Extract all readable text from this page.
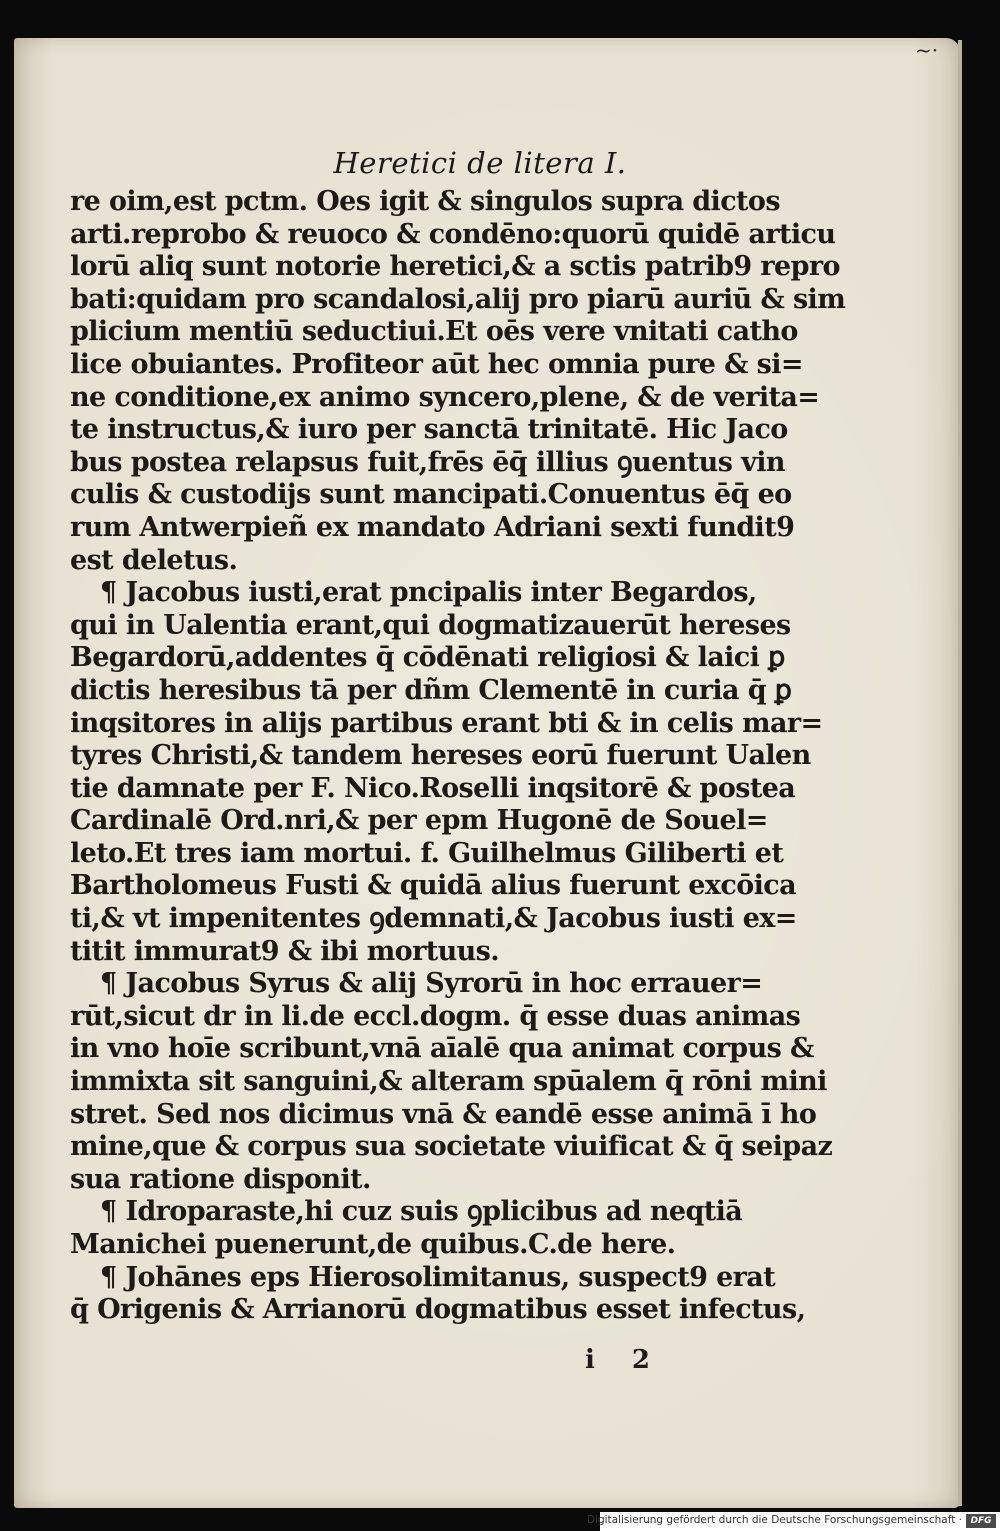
~·
Heretici de litera I.
re oim,est pctm. Oes igit & singulos supra dictos
arti.reprobo & reuoco & condēno:quorū quidē articu
lorū aliq sunt notorie heretici,& a sctis patrib9 repro
bati:quidam pro scandalosi,alij pro piarū auriū & sim
plicium mentiū seductiui.Et oēs vere vnitati catho
lice obuiantes. Profiteor aūt hec omnia pure & si=
ne conditione,ex animo syncero,plene, & de verita=
te instructus,& iuro per sanctā trinitatē. Hic Jaco
bus postea relapsus fuit,frēs ēq̄ illius ꝯuentus vin
culis & custodijs sunt mancipati.Conuentus ēq̄ eo
rum Antwerpieñ ex mandato Adriani sexti fundit9
est deletus.
¶ Jacobus iusti,erat pncipalis inter Begardos,
qui in Ualentia erant,qui dogmatizauerūt hereses
Begardorū,addentes q̄ cōdēnati religiosi & laici ꝑ
dictis heresibus tā per dñm Clementē in curia q̄ ꝑ
inqsitores in alijs partibus erant bti & in celis mar=
tyres Christi,& tandem hereses eorū fuerunt Ualen
tie damnate per F. Nico.Roselli inqsitorē & postea
Cardinalē Ord.nri,& per epm Hugonē de Souel=
leto.Et tres iam mortui. f. Guilhelmus Giliberti et
Bartholomeus Fusti & quidā alius fuerunt excōica
ti,& vt impenitentes ꝯdemnati,& Jacobus iusti ex=
titit immurat9 & ibi mortuus.
¶ Jacobus Syrus & alij Syrorū in hoc errauer=
rūt,sicut dr in li.de eccl.dogm. q̄ esse duas animas
in vno hoīe scribunt,vnā aīalē qua animat corpus &
immixta sit sanguini,& alteram spūalem q̄ rōni mini
stret. Sed nos dicimus vnā & eandē esse animā ī ho
mine,que & corpus sua societate viuificat & q̄ seipaz
sua ratione disponit.
¶ Idroparaste,hi cuz suis ꝯplicibus ad neqtiā
Manichei puenerunt,de quibus.C.de here.
¶ Johānes eps Hierosolimitanus, suspect9 erat
q̄ Origenis & Arrianorū dogmatibus esset infectus,
i 2
Digitalisierung gefördert durch die Deutsche Forschungsgemeinschaft · DFG
